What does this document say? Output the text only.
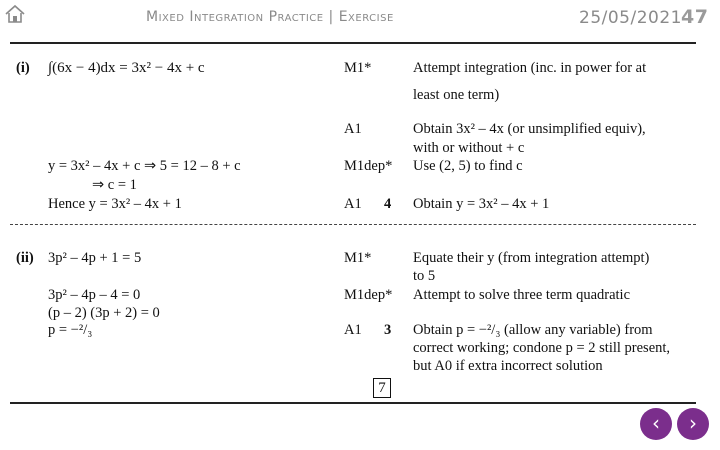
Mixed Integration Practice | Exercise	25/05/2021 47
(i) ∫(6x − 4)dx = 3x² − 4x + c	M1*	Attempt integration (inc. in power for at
least one term)
A1	Obtain 3x² – 4x (or unsimplified equiv),
with or without + c
y = 3x² – 4x + c ⇒ 5 = 12 – 8 + c	M1dep* Use (2, 5) to find c
⇒ c = 1
Hence y = 3x² – 4x + 1	A1 4 Obtain y = 3x² – 4x + 1
(ii) 3p² – 4p + 1 = 5	M1*	Equate their y (from integration attempt)
to 5
3p² – 4p – 4 = 0	M1dep* Attempt to solve three term quadratic
(p – 2) (3p + 2) = 0
p = −²/₃	A1 3 Obtain p = −²/₃ (allow any variable) from
correct working; condone p = 2 still present,
but A0 if extra incorrect solution
7
‹	›
